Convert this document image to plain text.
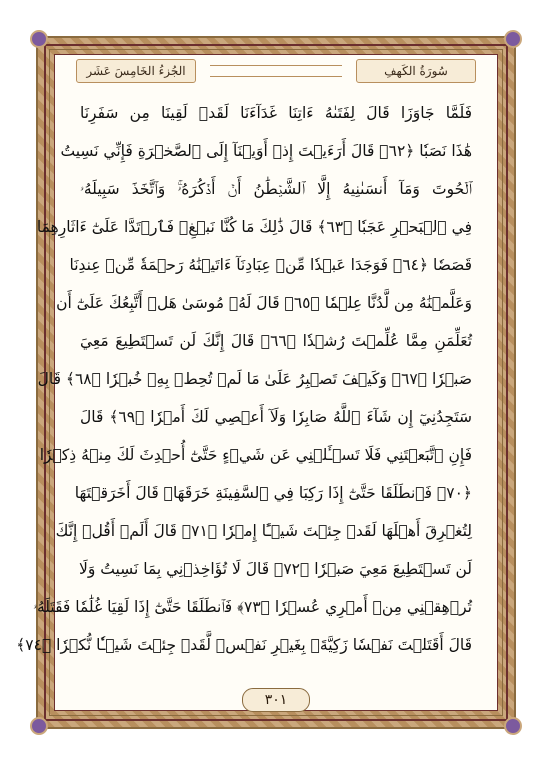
الجُزءُ الخَامِسَ عَشَر	سُورَةُ الكَهفِ
فَلَمَّا جَاوَزَا قَالَ لِفَتَىٰهُ ءَاتِنَا غَدَآءَنَا لَقَدۡ لَقِينَا مِن سَفَرِنَا
هَٰذَا نَصَبٗا ﴿٦٢﴾ قَالَ أَرَءَيۡتَ إِذۡ أَوَيۡنَآ إِلَى ٱلصَّخۡرَةِ فَإِنِّي نَسِيتُ
ٱلۡحُوتَ وَمَآ أَنسَىٰنِيهُ إِلَّا ٱلشَّيۡطَٰنُ أَنۡ أَذۡكُرَهُۥۚ وَٱتَّخَذَ سَبِيلَهُۥ
فِي ٱلۡبَحۡرِ عَجَبٗا ﴿٦٣﴾ قَالَ ذَٰلِكَ مَا كُنَّا نَبۡغِۚ فَٱرۡتَدَّا عَلَىٰٓ ءَاثَارِهِمَا
قَصَصٗا ﴿٦٤﴾ فَوَجَدَا عَبۡدٗا مِّنۡ عِبَادِنَآ ءَاتَيۡنَٰهُ رَحۡمَةٗ مِّنۡ عِندِنَا
وَعَلَّمۡنَٰهُ مِن لَّدُنَّا عِلۡمٗا ﴿٦٥﴾ قَالَ لَهُۥ مُوسَىٰ هَلۡ أَتَّبِعُكَ عَلَىٰٓ أَن
تُعَلِّمَنِ مِمَّا عُلِّمۡتَ رُشۡدٗا ﴿٦٦﴾ قَالَ إِنَّكَ لَن تَسۡتَطِيعَ مَعِيَ
صَبۡرٗا ﴿٦٧﴾ وَكَيۡفَ تَصۡبِرُ عَلَىٰ مَا لَمۡ تُحِطۡ بِهِۦ خُبۡرٗا ﴿٦٨﴾ قَالَ
سَتَجِدُنِيٓ إِن شَآءَ ٱللَّهُ صَابِرٗا وَلَآ أَعۡصِي لَكَ أَمۡرٗا ﴿٦٩﴾ قَالَ
فَإِنِ ٱتَّبَعۡتَنِي فَلَا تَسۡـَٔلۡنِي عَن شَيۡءٍ حَتَّىٰٓ أُحۡدِثَ لَكَ مِنۡهُ ذِكۡرٗا
﴿٧٠﴾ فَٱنطَلَقَا حَتَّىٰٓ إِذَا رَكِبَا فِي ٱلسَّفِينَةِ خَرَقَهَاۖ قَالَ أَخَرَقۡتَهَا
لِتُغۡرِقَ أَهۡلَهَا لَقَدۡ جِئۡتَ شَيۡـًٔا إِمۡرٗا ﴿٧١﴾ قَالَ أَلَمۡ أَقُلۡ إِنَّكَ
لَن تَسۡتَطِيعَ مَعِيَ صَبۡرٗا ﴿٧٢﴾ قَالَ لَا تُؤَاخِذۡنِي بِمَا نَسِيتُ وَلَا
تُرۡهِقۡنِي مِنۡ أَمۡرِي عُسۡرٗا ﴿٧٣﴾ فَٱنطَلَقَا حَتَّىٰٓ إِذَا لَقِيَا غُلَٰمٗا فَقَتَلَهُۥ
قَالَ أَقَتَلۡتَ نَفۡسٗا زَكِيَّةَۢ بِغَيۡرِ نَفۡسٖ لَّقَدۡ جِئۡتَ شَيۡـٔٗا نُّكۡرٗا ﴿٧٤﴾
٣٠١
